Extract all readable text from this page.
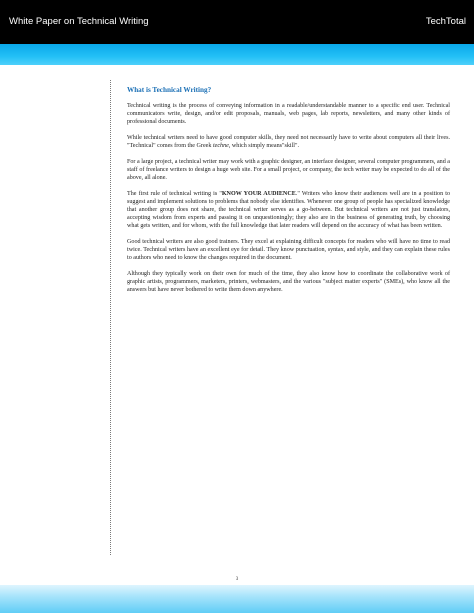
White Paper on Technical Writing	TechTotal
What is Technical Writing?

Technical writing is the process of conveying information in a readable/understandable manner to a specific end user. Technical communicators write, design, and/or edit proposals, manuals, web pages, lab reports, newsletters, and many other kinds of professional documents.

While technical writers need to have good computer skills, they need not necessarily have to write about computers all their lives. "Technical" comes from the Greek techne, which simply means"skill".

For a large project, a technical writer may work with a graphic designer, an interface designer, several computer programmers, and a staff of freelance writers to design a huge web site. For a small project, or company, the tech writer may be expected to do all of the above, all alone.

The first rule of technical writing is "KNOW YOUR AUDIENCE." Writers who know their audiences well are in a position to suggest and implement solutions to problems that nobody else identifies. Whenever one group of people has specialized knowledge that another group does not share, the technical writer serves as a go-between. But technical writers are not just translators, accepting wisdom from experts and passing it on unquestioningly; they also are in the business of generating truth, by choosing what gets written, and for whom, with the full knowledge that later readers will depend on the accuracy of what has been written.

Good technical writers are also good trainers. They excel at explaining difficult concepts for readers who will have no time to read twice. Technical writers have an excellent eye for detail. They know punctuation, syntax, and style, and they can explain these rules to authors who need to know the changes required in the document.

Although they typically work on their own for much of the time, they also know how to coordinate the collaborative work of graphic artists, programmers, marketers, printers, webmasters, and the various "subject matter experts" (SMEs), who know all the answers but have never bothered to write them down anywhere.

3
